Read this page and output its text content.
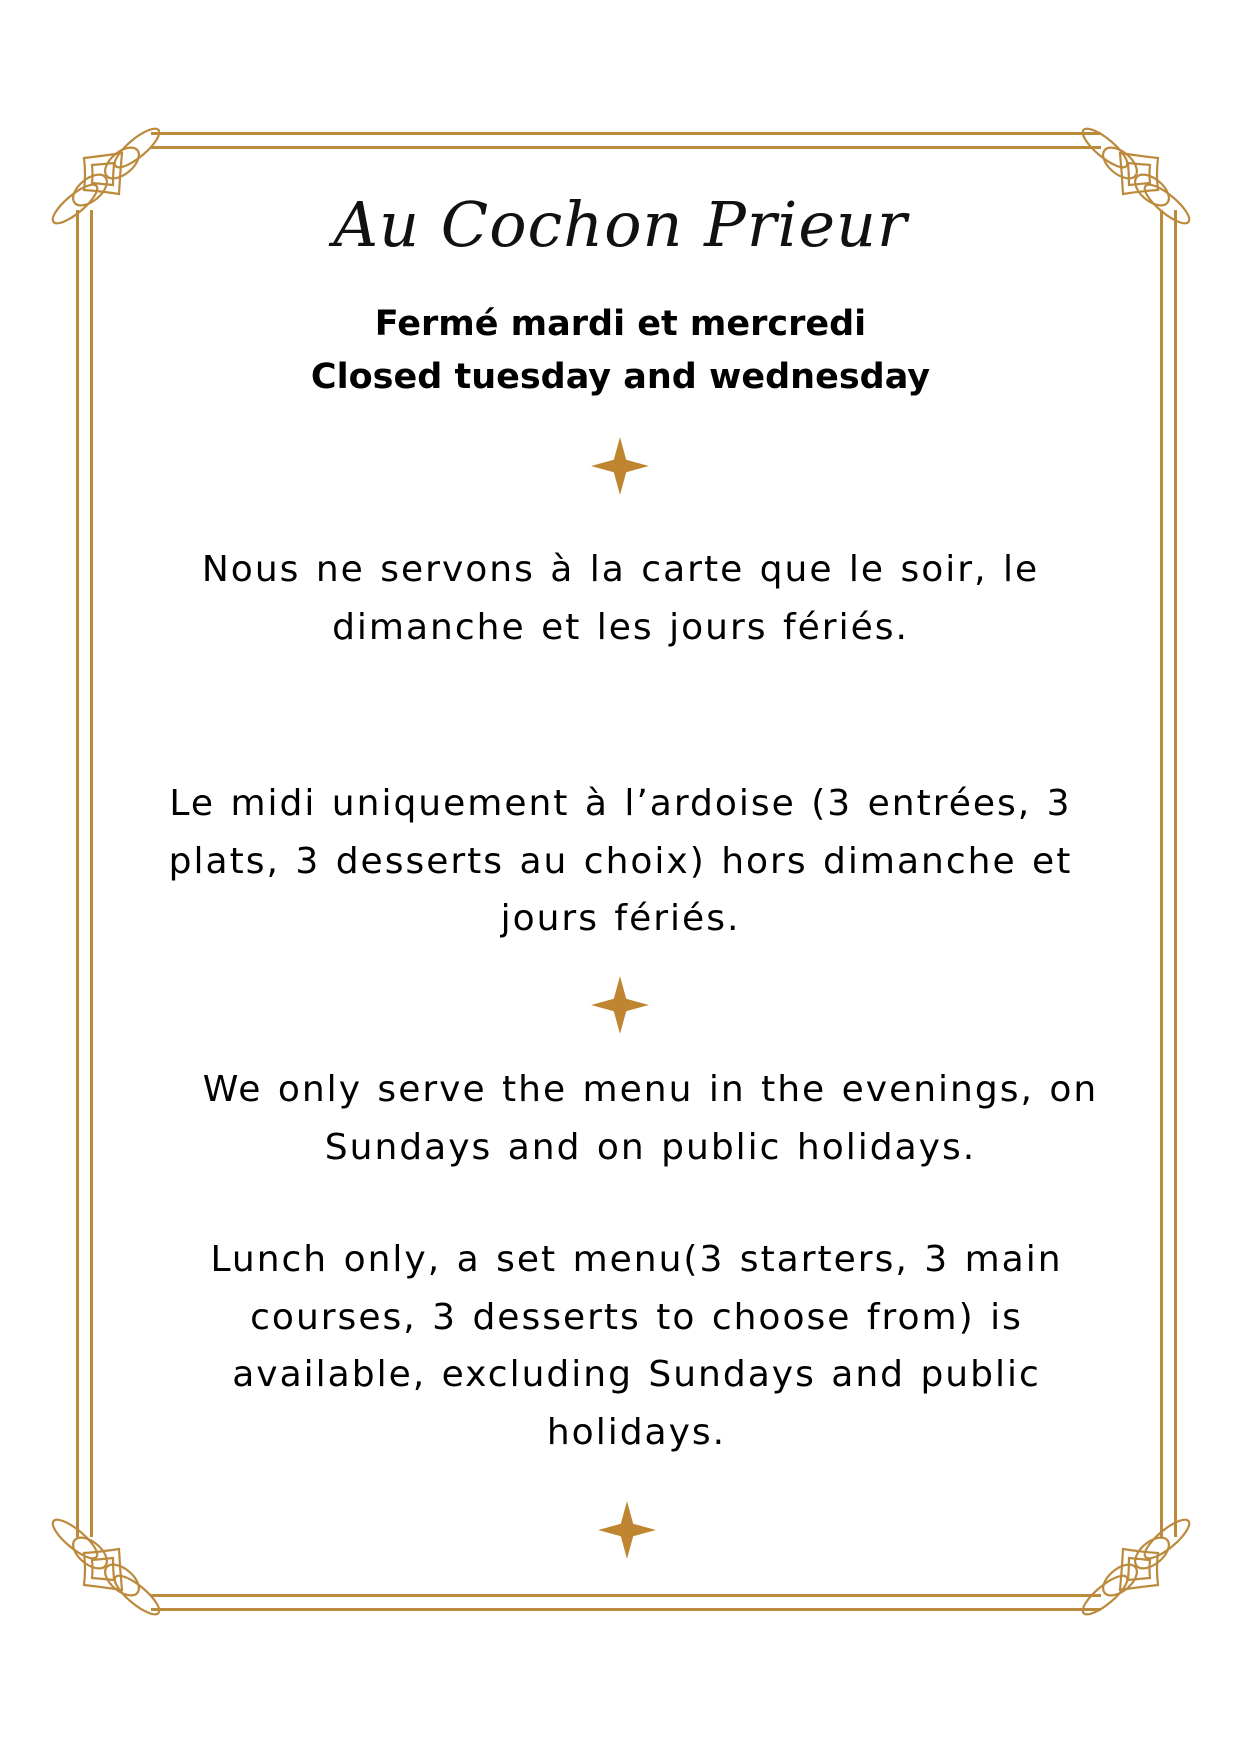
Au Cochon Prieur
Fermé mardi et mercredi
Closed tuesday and wednesday
Nous ne servons à la carte que le soir, le
dimanche et les jours fériés.
Le midi uniquement à l’ardoise (3 entrées, 3
plats, 3 desserts au choix) hors dimanche et
jours fériés.
We only serve the menu in the evenings, on
Sundays and on public holidays.
Lunch only, a set menu(3 starters, 3 main
courses, 3 desserts to choose from) is
available, excluding Sundays and public
holidays.
